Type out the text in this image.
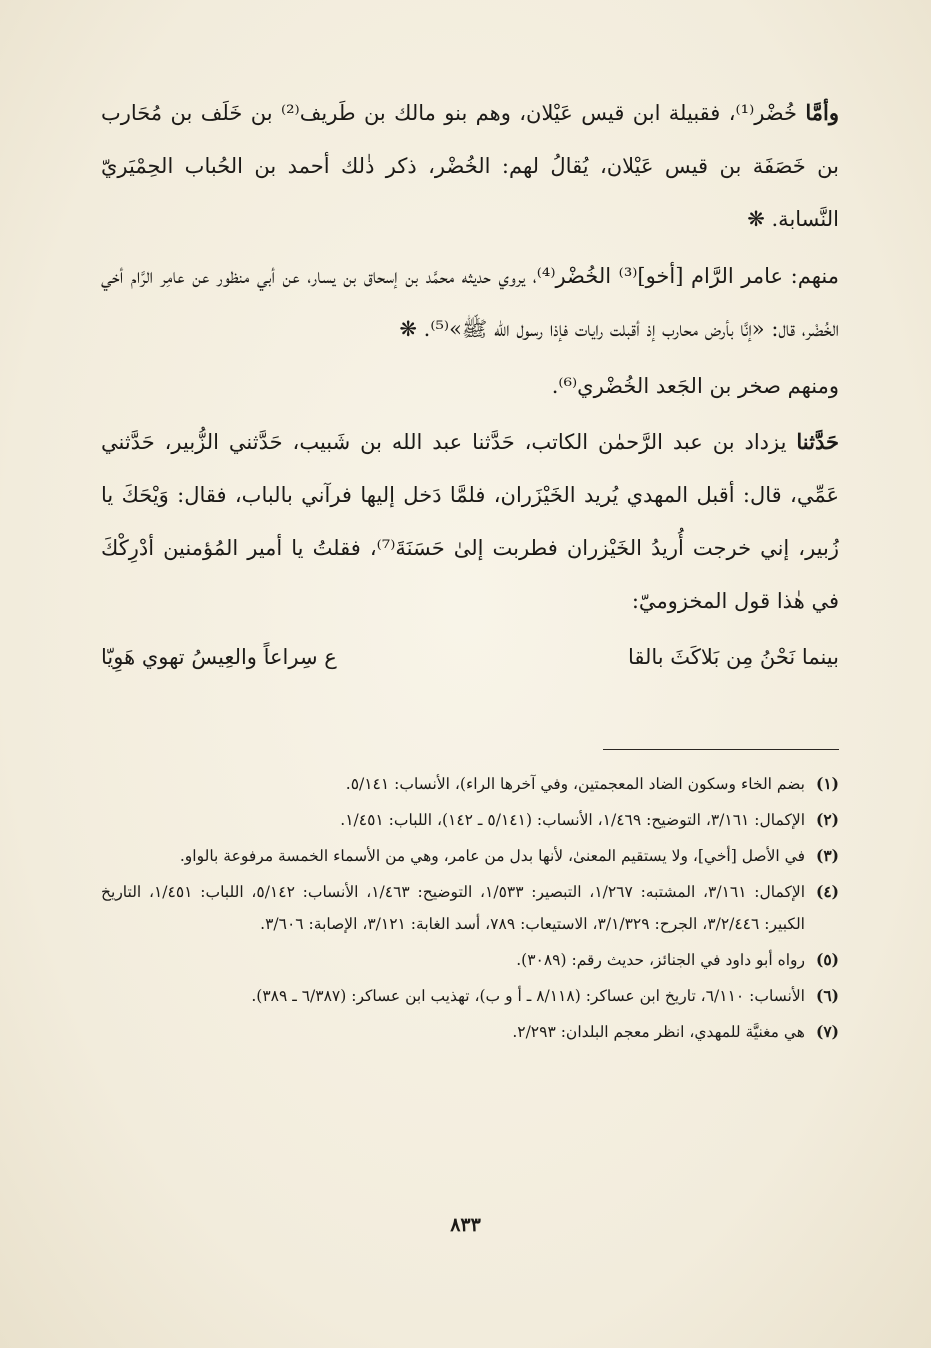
وأمَّا خُضْر⁽¹⁾، فقبيلة ابن قيس عَيْلان، وهم بنو مالك بن طَريف⁽²⁾ بن خَلَف بن مُحَارب بن خَصَفَة بن قيس عَيْلان، يُقالُ لهم: الخُضْر، ذكر ذٰلك أحمد بن الحُباب الحِمْيَريّ النَّسابة. ❋

منهم: عامر الرَّام [أخو]⁽³⁾ الخُضْر⁽⁴⁾، يروي حديثه محمَّد بن إسحاق بن يسار، عن أبي منظور عن عامِر الرَّام أخي الخُضْر، قال: «إنَّا بأرض محارب إذ أقبلت رايات فإذا رسول الله ﷺ»⁽⁵⁾. ❋

ومنهم صخر بن الجَعد الخُضْري⁽⁶⁾.

حَدَّثنا يزداد بن عبد الرَّحمٰن الكاتب، حَدَّثنا عبد الله بن شَبيب، حَدَّثني الزُّبير، حَدَّثني عَمِّي، قال: أقبل المهدي يُريد الخَيْزَران، فلمَّا دَخل إليها فرآني بالباب، فقال: وَيْحَكَ يا زُبير، إني خرجت أُريدُ الخَيْزران فطربت إلىٰ حَسَنَةَ⁽⁷⁾، فقلتُ يا أمير المُؤمنين أدْرِكْكَ في هٰذا قول المخزوميّ:

بينما نَحْنُ مِن بَلاكَثَ بالقا
ع سِراعاً والعِيسُ تهوي هَوِيّا

(١)
بضم الخاء وسكون الضاد المعجمتين، وفي آخرها الراء)، الأنساب: ٥/١٤١.

(٢)
الإكمال: ٣/١٦١، التوضيح: ١/٤٦٩، الأنساب: (٥/١٤١ ـ ١٤٢)، اللباب: ١/٤٥١.

(٣)
في الأصل [أخي]، ولا يستقيم المعنىٰ، لأنها بدل من عامر، وهي من الأسماء الخمسة مرفوعة بالواو.

(٤)
الإكمال: ٣/١٦١، المشتبه: ١/٢٦٧، التبصير: ١/٥٣٣، التوضيح: ١/٤٦٣، الأنساب: ٥/١٤٢، اللباب: ١/٤٥١، التاريخ الكبير: ٣/٢/٤٤٦، الجرح: ٣/١/٣٢٩، الاستيعاب: ٧٨٩، أسد الغابة: ٣/١٢١، الإصابة: ٣/٦٠٦.

(٥)
رواه أبو داود في الجنائز، حديث رقم: (٣٠٨٩).

(٦)
الأنساب: ٦/١١٠، تاريخ ابن عساكر: (٨/١١٨ ـ أ و ب)، تهذيب ابن عساكر: (٦/٣٨٧ ـ ٣٨٩).

(٧)
هي مغنيَّة للمهدي، انظر معجم البلدان: ٢/٢٩٣.

٨٣٣
